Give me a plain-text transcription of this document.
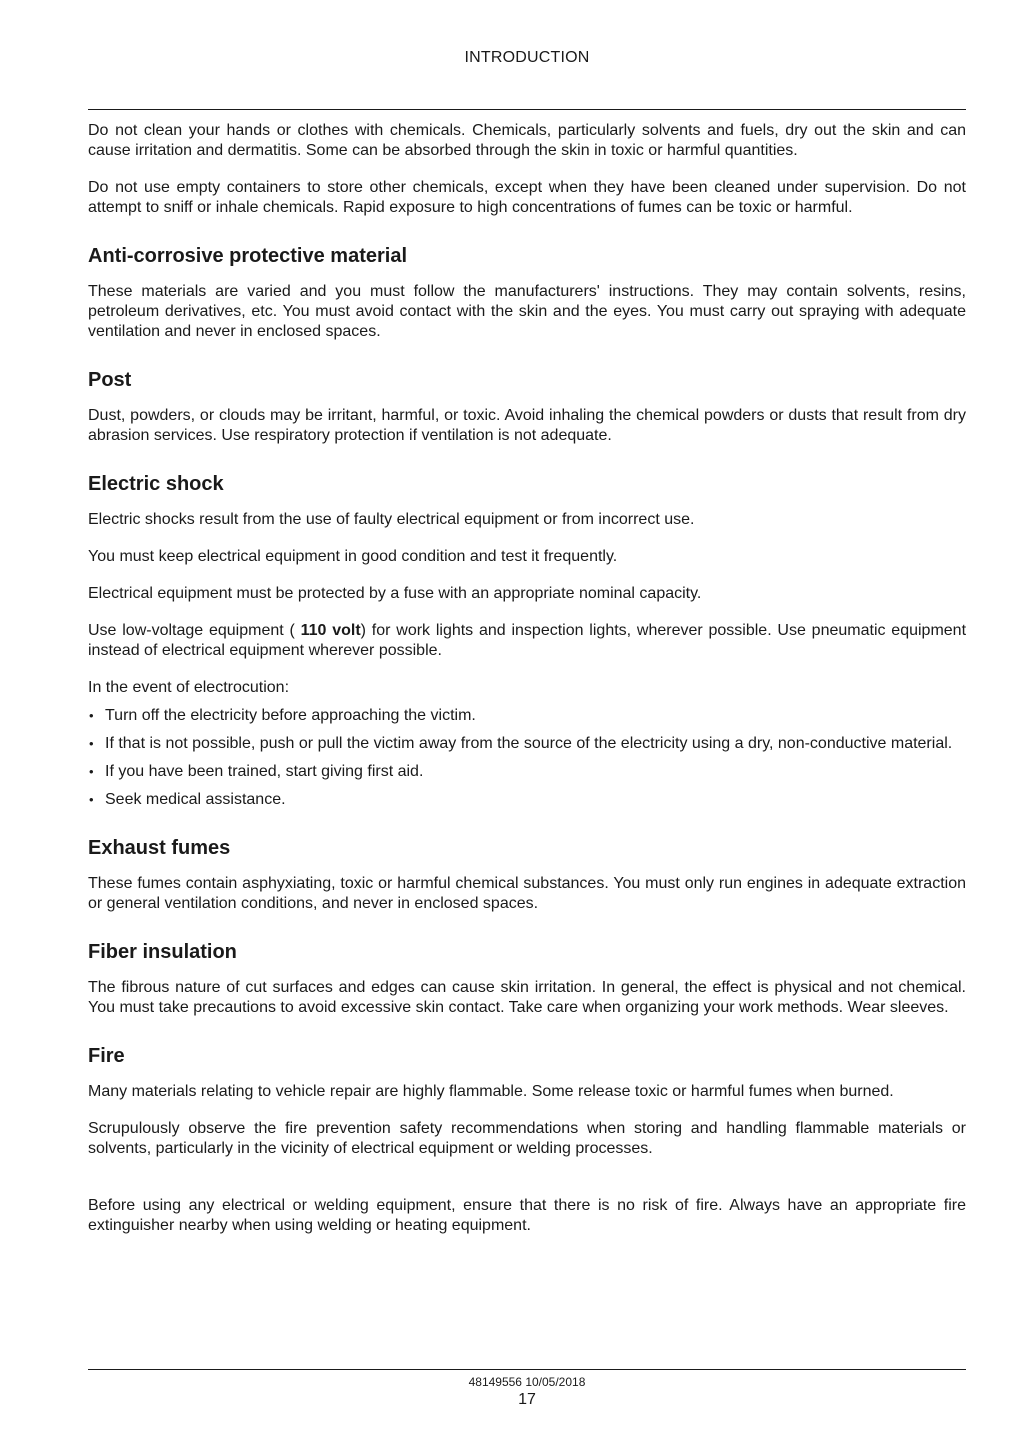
INTRODUCTION

Do not clean your hands or clothes with chemicals. Chemicals, particularly solvents and fuels, dry out the skin and can cause irritation and dermatitis. Some can be absorbed through the skin in toxic or harmful quantities.

Do not use empty containers to store other chemicals, except when they have been cleaned under supervision. Do not attempt to sniff or inhale chemicals. Rapid exposure to high concentrations of fumes can be toxic or harmful.

Anti-corrosive protective material

These materials are varied and you must follow the manufacturers' instructions. They may contain solvents, resins, petroleum derivatives, etc. You must avoid contact with the skin and the eyes. You must carry out spraying with adequate ventilation and never in enclosed spaces.

Post

Dust, powders, or clouds may be irritant, harmful, or toxic. Avoid inhaling the chemical powders or dusts that result from dry abrasion services. Use respiratory protection if ventilation is not adequate.

Electric shock

Electric shocks result from the use of faulty electrical equipment or from incorrect use.

You must keep electrical equipment in good condition and test it frequently.

Electrical equipment must be protected by a fuse with an appropriate nominal capacity.

Use low-voltage equipment ( 110 volt) for work lights and inspection lights, wherever possible. Use pneumatic equipment instead of electrical equipment wherever possible.

In the event of electrocution:

• Turn off the electricity before approaching the victim.
• If that is not possible, push or pull the victim away from the source of the electricity using a dry, non-conductive material.
• If you have been trained, start giving first aid.
• Seek medical assistance.
Exhaust fumes

These fumes contain asphyxiating, toxic or harmful chemical substances. You must only run engines in adequate extraction or general ventilation conditions, and never in enclosed spaces.

Fiber insulation

The fibrous nature of cut surfaces and edges can cause skin irritation. In general, the effect is physical and not chemical. You must take precautions to avoid excessive skin contact. Take care when organizing your work methods. Wear sleeves.

Fire

Many materials relating to vehicle repair are highly flammable. Some release toxic or harmful fumes when burned.

Scrupulously observe the fire prevention safety recommendations when storing and handling flammable materials or solvents, particularly in the vicinity of electrical equipment or welding processes.

Before using any electrical or welding equipment, ensure that there is no risk of fire. Always have an appropriate fire extinguisher nearby when using welding or heating equipment.

48149556 10/05/2018
17
